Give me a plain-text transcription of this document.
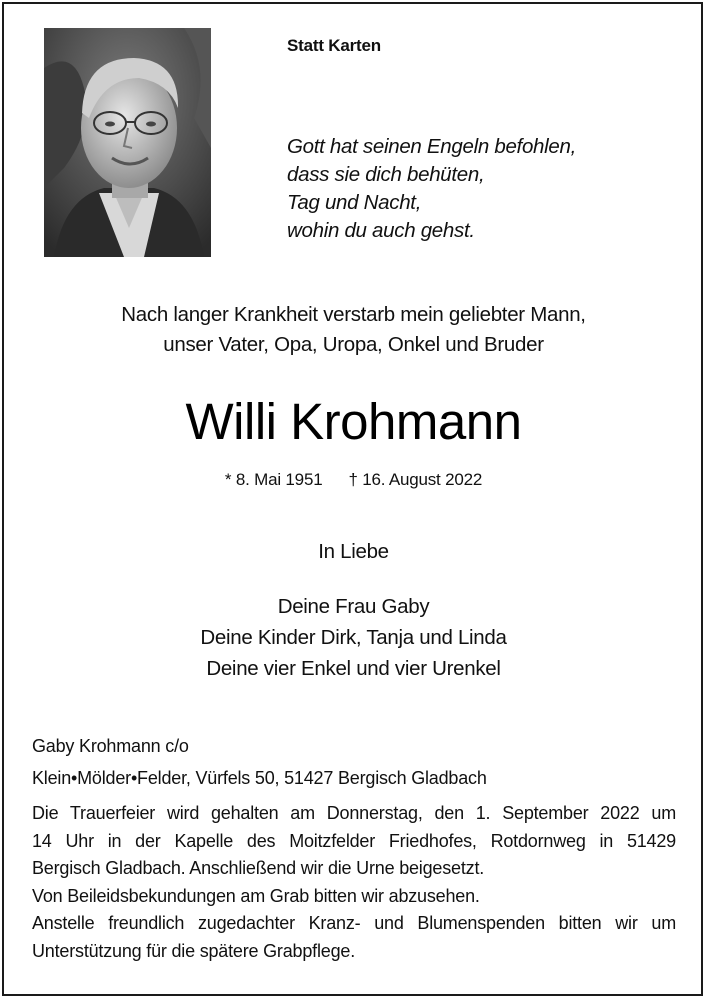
Statt Karten
Gott hat seinen Engeln befohlen,
dass sie dich behüten,
Tag und Nacht,
wohin du auch gehst.
Nach langer Krankheit verstarb mein geliebter Mann,
unser Vater, Opa, Uropa, Onkel und Bruder
Willi Krohmann
* 8. Mai 1951 † 16. August 2022
In Liebe
Deine Frau Gaby
Deine Kinder Dirk, Tanja und Linda
Deine vier Enkel und vier Urenkel
Gaby Krohmann c/o
Klein•Mölder•Felder, Vürfels 50, 51427 Bergisch Gladbach
Die Trauerfeier wird gehalten am Donnerstag, den 1. September 2022 um
14 Uhr in der Kapelle des Moitzfelder Friedhofes, Rotdornweg in 51429
Bergisch Gladbach. Anschließend wir die Urne beigesetzt.
Von Beileidsbekundungen am Grab bitten wir abzusehen.
Anstelle freundlich zugedachter Kranz- und Blumenspenden bitten wir um
Unterstützung für die spätere Grabpflege.
